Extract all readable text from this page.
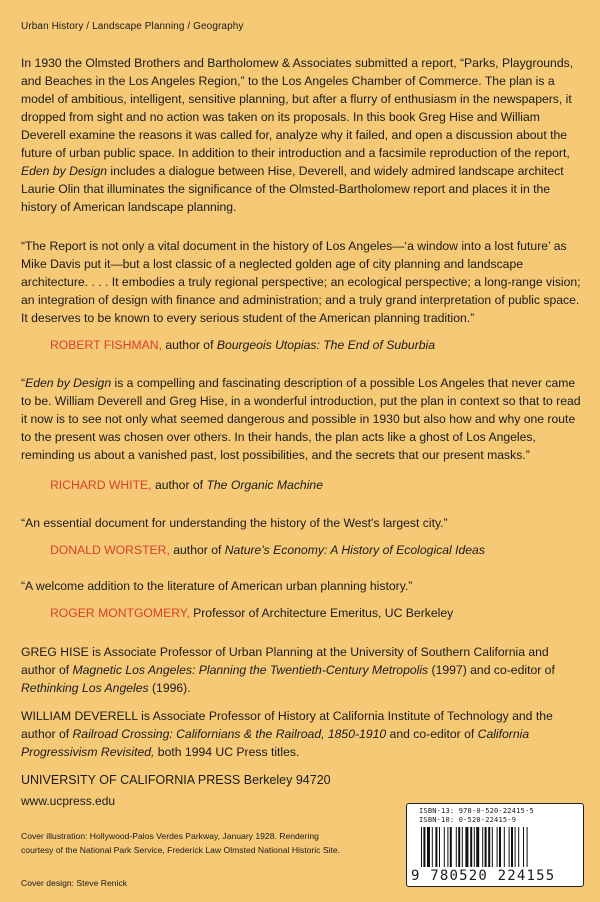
Urban History / Landscape Planning / Geography

In 1930 the Olmsted Brothers and Bartholomew & Associates submitted a report, “Parks, Playgrounds, and Beaches in the Los Angeles Region,” to the Los Angeles Chamber of Commerce. The plan is a model of ambitious, intelligent, sensitive planning, but after a flurry of enthusiasm in the newspapers, it dropped from sight and no action was taken on its proposals. In this book Greg Hise and William Deverell examine the reasons it was called for, analyze why it failed, and open a discussion about the future of urban public space. In addition to their introduction and a facsimile reproduction of the report, Eden by Design includes a dialogue between Hise, Deverell, and widely admired landscape architect Laurie Olin that illuminates the significance of the Olmsted-Bartholomew report and places it in the history of American landscape planning.

“The Report is not only a vital document in the history of Los Angeles—‘a window into a lost future’ as Mike Davis put it—but a lost classic of a neglected golden age of city planning and landscape architecture. . . . It embodies a truly regional perspective; an ecological perspective; a long-range vision; an integration of design with finance and administration; and a truly grand interpretation of public space. It deserves to be known to every serious student of the American planning tradition.”

ROBERT FISHMAN, author of Bourgeois Utopias: The End of Suburbia

“Eden by Design is a compelling and fascinating description of a possible Los Angeles that never came to be. William Deverell and Greg Hise, in a wonderful introduction, put the plan in context so that to read it now is to see not only what seemed dangerous and possible in 1930 but also how and why one route to the present was chosen over others. In their hands, the plan acts like a ghost of Los Angeles, reminding us about a vanished past, lost possibilities, and the secrets that our present masks.”

RICHARD WHITE, author of The Organic Machine

“An essential document for understanding the history of the West's largest city.”

DONALD WORSTER, author of Nature's Economy: A History of Ecological Ideas

“A welcome addition to the literature of American urban planning history.”

ROGER MONTGOMERY, Professor of Architecture Emeritus, UC Berkeley

GREG HISE is Associate Professor of Urban Planning at the University of Southern California and author of Magnetic Los Angeles: Planning the Twentieth-Century Metropolis (1997) and co-editor of Rethinking Los Angeles (1996).

WILLIAM DEVERELL is Associate Professor of History at California Institute of Technology and the author of Railroad Crossing: Californians & the Railroad, 1850-1910 and co-editor of California Progressivism Revisited, both 1994 UC Press titles.

UNIVERSITY OF CALIFORNIA PRESS Berkeley 94720
www.ucpress.edu
Cover illustration: Hollywood-Palos Verdes Parkway, January 1928. Rendering
courtesy of the National Park Service, Frederick Law Olmsted National Historic Site.
Cover design: Steve Renick
ISBN-13: 978-0-520-22415-5
ISBN-10: 0-520-22415-9
9 780520 224155
